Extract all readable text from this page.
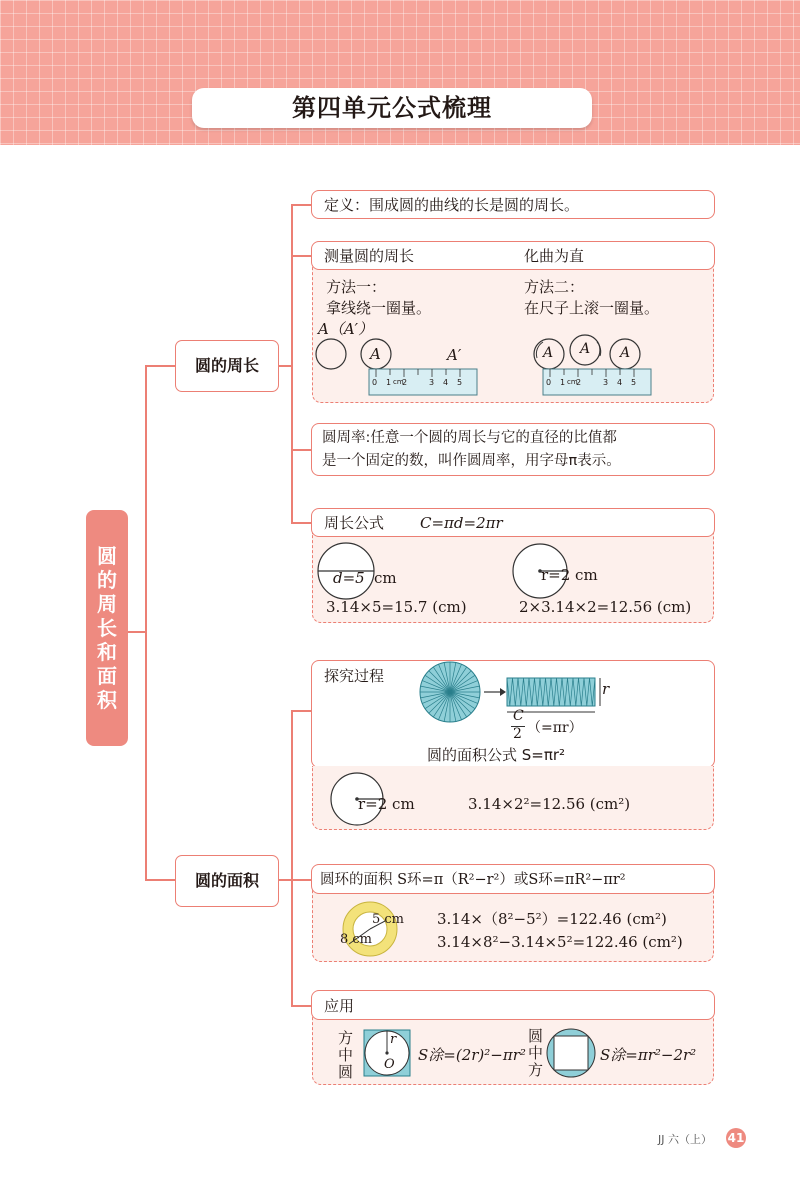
第四单元公式梳理
圆的周长和面积
圆的周长
圆的面积
定义：围成圆的曲线的长是圆的周长。
测量圆的周长	化曲为直
方法一：
拿线绕一圈量。
方法二：
在尺子上滚一圈量。
A（A′）
A	A′	A A A
0 1 cm
2	3 4 5	0 1 cm
2	3 4 5
圆周率:任意一个圆的周长与它的直径的比值都
是一个固定的数，叫作圆周率，用字母π表示。
周长公式 C=πd=2πr
d=5 cm
3.14×5=15.7 (cm)
r=2 cm
2×3.14×2=12.56 (cm)
探究过程
r
C
2 （=πr）
圆的面积公式 S=πr²
r=2 cm	3.14×2²=12.56 (cm²)
圆环的面积 S环=π（R²−r²）或S环=πR²−πr²
5 cm
8 cm
3.14×（8²−5²）=122.46 (cm²)
3.14×8²−3.14×5²=122.46 (cm²)
应用
方
中
圆
r
O
S涂=(2r)²−πr²
圆
中
方
S涂=πr²−2r²
JJ 六（上） 41
